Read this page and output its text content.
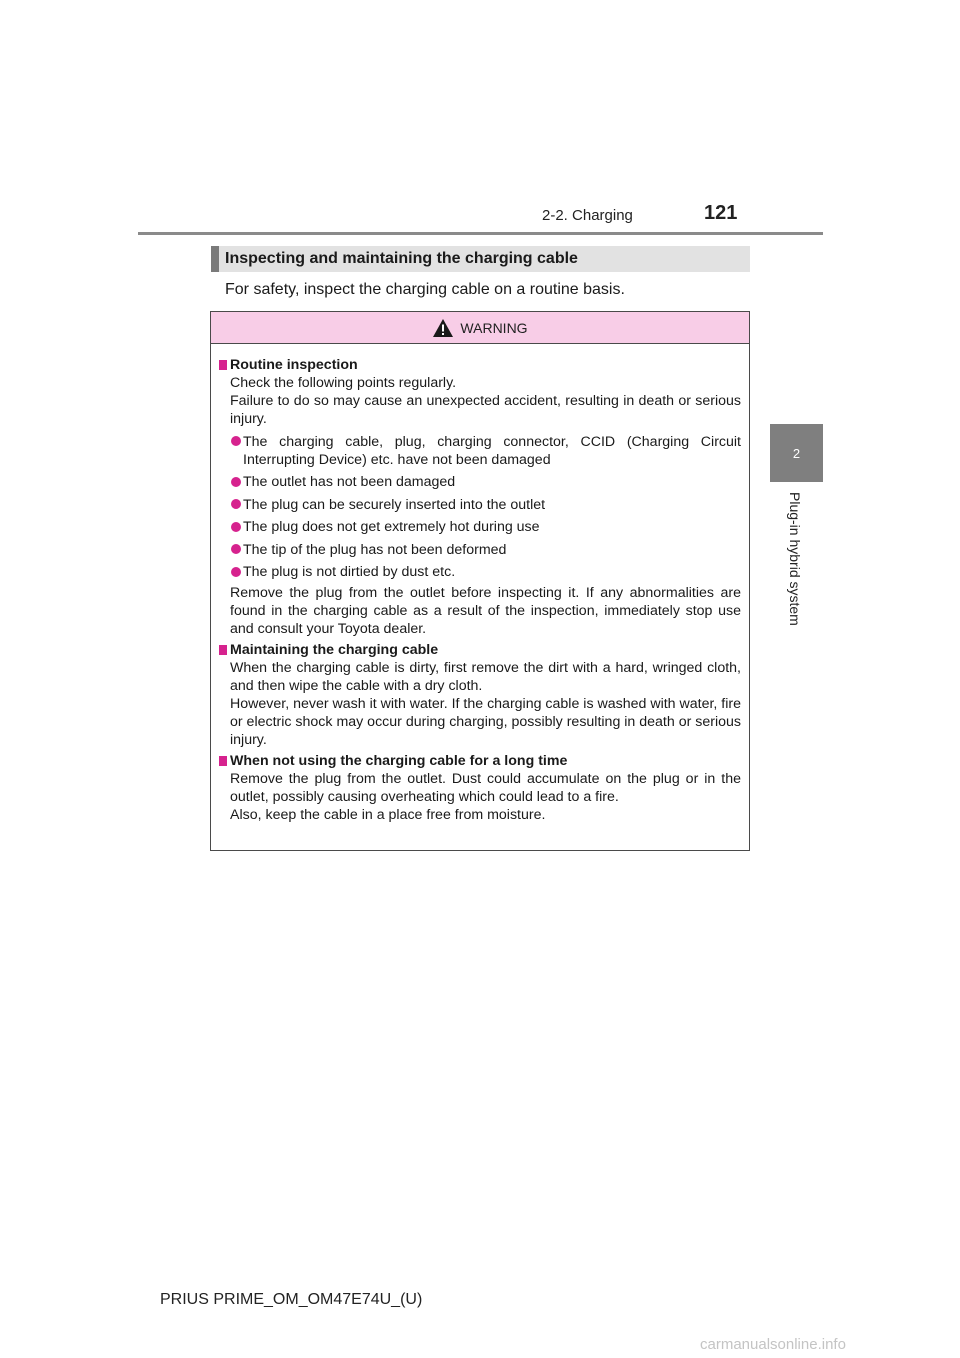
2-2. Charging	121
2
Plug-in hybrid system
Inspecting and maintaining the charging cable
For safety, inspect the charging cable on a routine basis.
WARNING
Routine inspection
Check the following points regularly.
Failure to do so may cause an unexpected accident, resulting in death or serious injury.
The charging cable, plug, charging connector, CCID (Charging Circuit Interrupting Device) etc. have not been damaged
The outlet has not been damaged
The plug can be securely inserted into the outlet
The plug does not get extremely hot during use
The tip of the plug has not been deformed
The plug is not dirtied by dust etc.
Remove the plug from the outlet before inspecting it. If any abnormalities are found in the charging cable as a result of the inspection, immediately stop use and consult your Toyota dealer.
Maintaining the charging cable
When the charging cable is dirty, first remove the dirt with a hard, wringed cloth, and then wipe the cable with a dry cloth.
However, never wash it with water. If the charging cable is washed with water, fire or electric shock may occur during charging, possibly resulting in death or serious injury.
When not using the charging cable for a long time
Remove the plug from the outlet. Dust could accumulate on the plug or in the outlet, possibly causing overheating which could lead to a fire.
Also, keep the cable in a place free from moisture.
PRIUS PRIME_OM_OM47E74U_(U)
carmanualsonline.info
